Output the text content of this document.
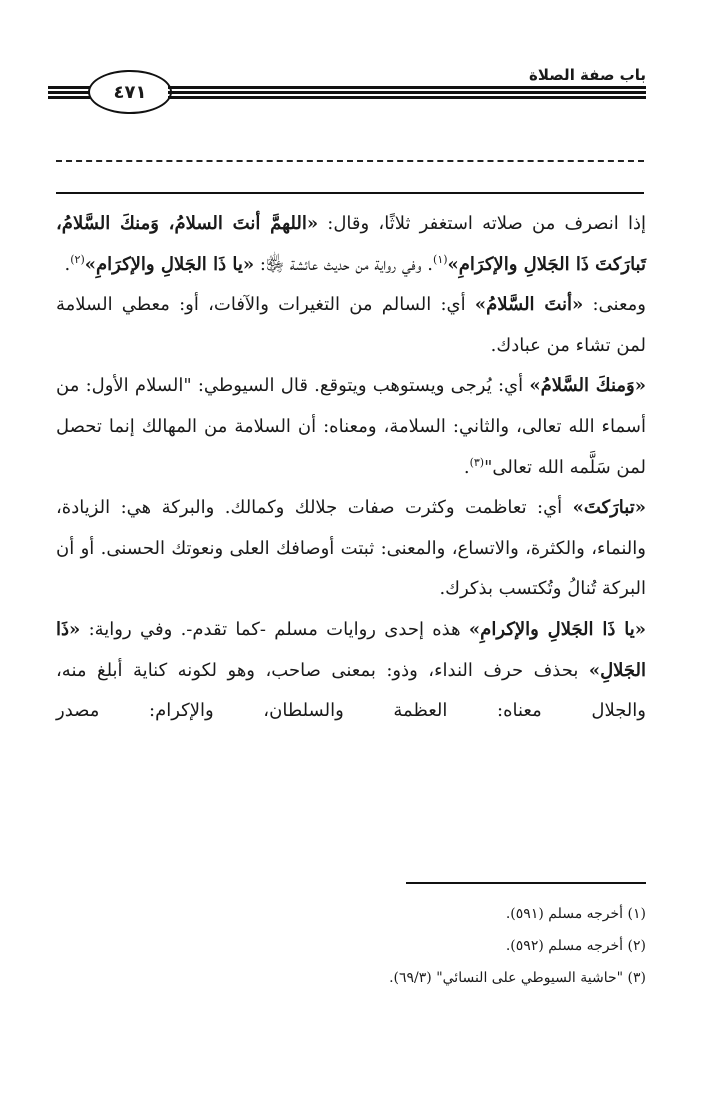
٤٧١
باب صفة الصلاة

إذا انصرف من صلاته استغفر ثلاثًا، وقال: «اللهمَّ أنتَ السلامُ، وَمنكَ السَّلامُ، تَبارَكتَ ذَا الجَلالِ والإكرَامِ»$^{(١)}$. وفي رواية من حديث عائشة ﵂: «يا ذَا الجَلالِ والإكرَامِ»$^{(٢)}$.

ومعنى: «أنتَ السَّلامُ» أي: السالم من التغيرات والآفات، أو: معطي السلامة لمن تشاء من عبادك.

«وَمنكَ السَّلامُ» أي: يُرجى ويستوهب ويتوقع. قال السيوطي: "السلام الأول: من أسماء الله تعالى، والثاني: السلامة، ومعناه: أن السلامة من المهالك إنما تحصل لمن سَلَّمه الله تعالى"$^{(٣)}$.

«تبارَكتَ» أي: تعاظمت وكثرت صفات جلالك وكمالك. والبركة هي: الزيادة، والنماء، والكثرة، والاتساع، والمعنى: ثبتت أوصافك العلى ونعوتك الحسنى. أو أن البركة تُنالُ وتُكتسب بذكرك.

«يا ذَا الجَلالِ والإكرامِ» هذه إحدى روايات مسلم -كما تقدم-. وفي رواية: «ذَا الجَلالِ» بحذف حرف النداء، وذو: بمعنى صاحب، وهو لكونه كناية أبلغ منه، والجلال معناه: العظمة والسلطان، والإكرام: مصدر

(١) أخرجه مسلم (٥٩١).
(٢) أخرجه مسلم (٥٩٢).
(٣) "حاشية السيوطي على النسائي" (٦٩/٣).
